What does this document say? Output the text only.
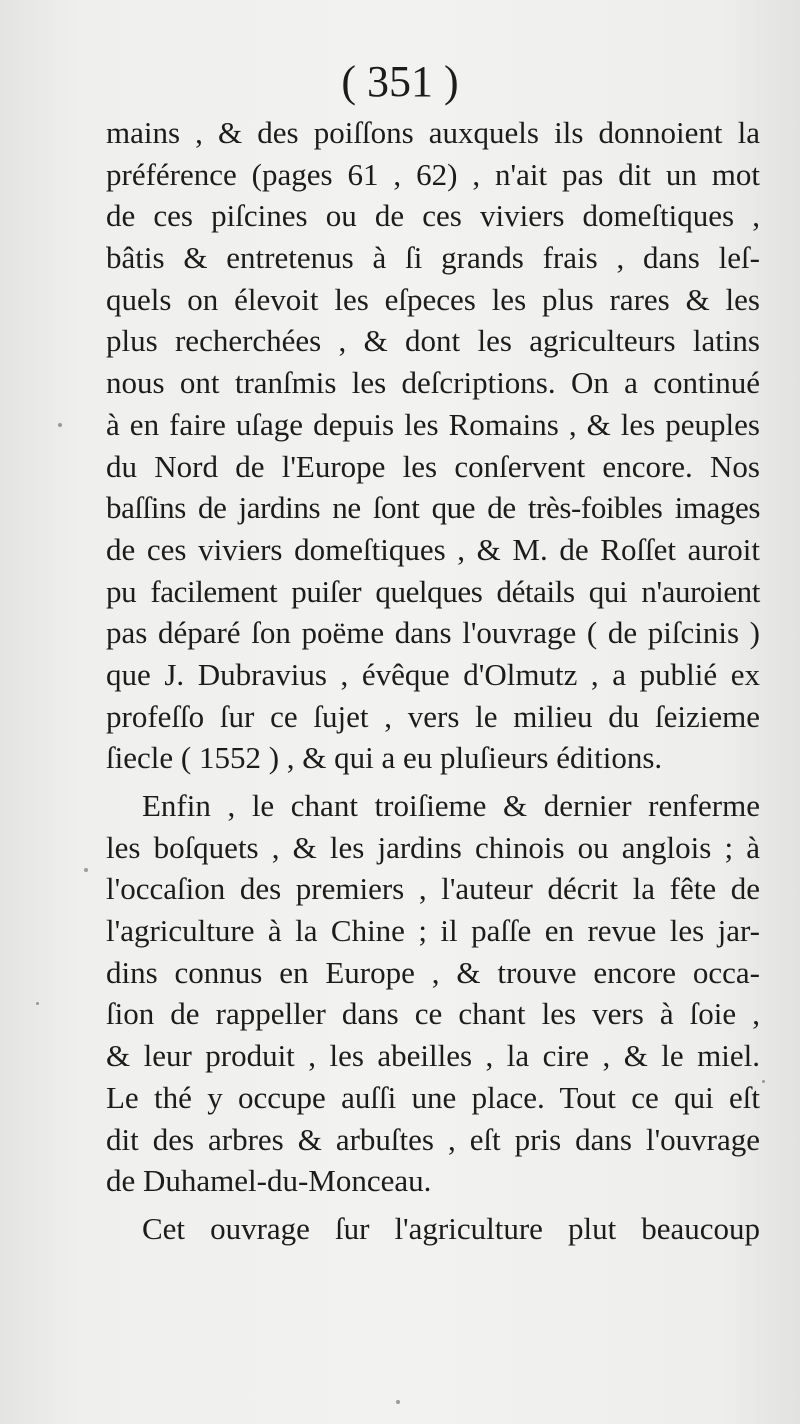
( 351 )
mains , & des poiſſons auxquels ils donnoient la
préférence (pages 61 , 62) , n'ait pas dit un mot
de ces piſcines ou de ces viviers domeſtiques ,
bâtis & entretenus à ſi grands frais , dans leſ-
quels on élevoit les eſpeces les plus rares & les
plus recherchées , & dont les agriculteurs latins
nous ont tranſmis les deſcriptions. On a continué
à en faire uſage depuis les Romains , & les peuples
du Nord de l'Europe les conſervent encore. Nos
baſſins de jardins ne ſont que de très-foibles images
de ces viviers domeſtiques , & M. de Roſſet auroit
pu facilement puiſer quelques détails qui n'auroient
pas déparé ſon poëme dans l'ouvrage ( de piſcinis )
que J. Dubravius , évêque d'Olmutz , a publié ex
profeſſo ſur ce ſujet , vers le milieu du ſeizieme
ſiecle ( 1552 ) , & qui a eu pluſieurs éditions.
Enfin , le chant troiſieme & dernier renferme
les boſquets , & les jardins chinois ou anglois ; à
l'occaſion des premiers , l'auteur décrit la fête de
l'agriculture à la Chine ; il paſſe en revue les jar-
dins connus en Europe , & trouve encore occa-
ſion de rappeller dans ce chant les vers à ſoie ,
& leur produit , les abeilles , la cire , & le miel.
Le thé y occupe auſſi une place. Tout ce qui eſt
dit des arbres & arbuſtes , eſt pris dans l'ouvrage
de Duhamel-du-Monceau.
Cet ouvrage ſur l'agriculture plut beaucoup
